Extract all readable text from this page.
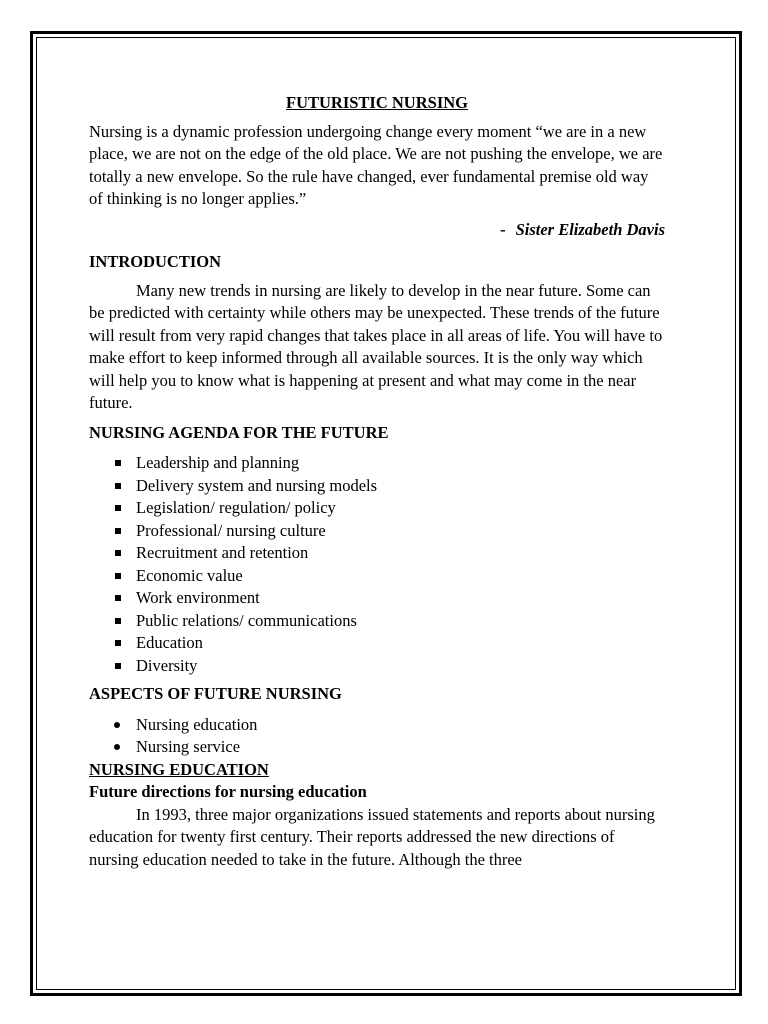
FUTURISTIC NURSING

Nursing is a dynamic profession undergoing change every moment “we are in a new place, we are not on the edge of the old place. We are not pushing the envelope, we are totally a new envelope. So the rule have changed, ever fundamental premise old way of thinking is no longer applies.”

- Sister Elizabeth Davis

INTRODUCTION

Many new trends in nursing are likely to develop in the near future. Some can be predicted with certainty while others may be unexpected. These trends of the future will result from very rapid changes that takes place in all areas of life. You will have to make effort to keep informed through all available sources. It is the only way which will help you to know what is happening at present and what may come in the near future.

NURSING AGENDA FOR THE FUTURE
Leadership and planning
Delivery system and nursing models
Legislation/ regulation/ policy
Professional/ nursing culture
Recruitment and retention
Economic value
Work environment
Public relations/ communications
Education
Diversity
ASPECTS OF FUTURE NURSING
Nursing education
Nursing service
NURSING EDUCATION
Future directions for nursing education

In 1993, three major organizations issued statements and reports about nursing education for twenty first century. Their reports addressed the new directions of nursing education needed to take in the future. Although the three
